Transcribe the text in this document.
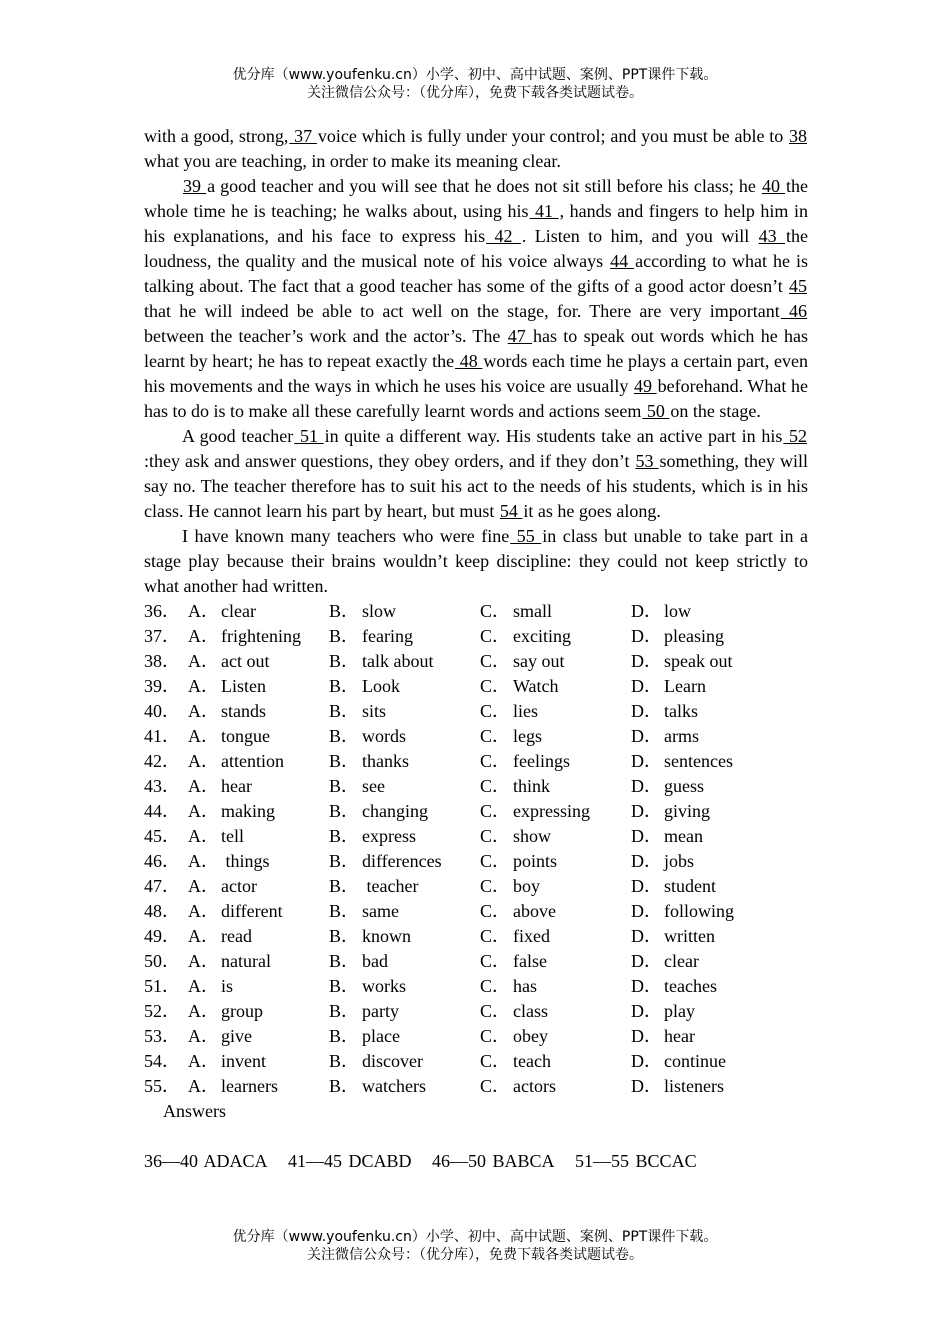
优分库（www.youfenku.cn）小学、初中、高中试题、案例、PPT课件下载。
关注微信公众号：（优分库），免费下载各类试题试卷。

with a good, strong, 37 voice which is fully under your control; and you must be able to 38 what you are teaching, in order to make its meaning clear.

39 a good teacher and you will see that he does not sit still before his class; he 40 the whole time he is teaching; he walks about, using his 41 , hands and fingers to help him in his explanations, and his face to express his 42 . Listen to him, and you will 43 the loudness, the quality and the musical note of his voice always 44 according to what he is talking about. The fact that a good teacher has some of the gifts of a good actor doesn’t 45 that he will indeed be able to act well on the stage, for. There are very important 46 between the teacher’s work and the actor’s. The 47 has to speak out words which he has learnt by heart; he has to repeat exactly the 48 words each time he plays a certain part, even his movements and the ways in which he uses his voice are usually 49 beforehand. What he has to do is to make all these carefully learnt words and actions seem 50 on the stage.

A good teacher 51 in quite a different way. His students take an active part in his 52 :they ask and answer questions, they obey orders, and if they don’t 53 something, they will say no. The teacher therefore has to suit his act to the needs of his students, which is in his class. He cannot learn his part by heart, but must 54 it as he goes along.

I have known many teachers who were fine 55 in class but unable to take part in a stage play because their brains wouldn’t keep discipline: they could not keep strictly to what another had written.

36．	A． clear	B． slow	C． small	D． low
37．	A． frightening	B． fearing	C． exciting	D． pleasing
38．	A． act out	B． talk about	C． say out	D． speak out
39．	A． Listen	B． Look	C． Watch	D． Learn
40．	A． stands	B． sits	C． lies	D． talks
41．	A． tongue	B． words	C． legs	D． arms
42．	A． attention	B． thanks	C． feelings	D． sentences
43．	A． hear	B． see	C． think	D． guess
44．	A． making	B． changing	C． expressing	D． giving
45．	A． tell	B． express	C． show	D． mean
46．	A． things	B． differences	C． points	D． jobs
47．	A． actor	B． teacher	C． boy	D． student
48．	A． different	B． same	C． above	D． following
49．	A． read	B． known	C． fixed	D． written
50．	A． natural	B． bad	C． false	D． clear
51．	A． is	B． works	C． has	D． teaches
52．	A． group	B． party	C． class	D． play
53．	A． give	B． place	C． obey	D． hear
54．	A． invent	B． discover	C． teach	D． continue
55．	A． learners	B． watchers	C． actors	D． listeners

Answers

36—40 ADACA 41—45 DCABD 46—50 BABCA 51—55 BCCAC
优分库（www.youfenku.cn）小学、初中、高中试题、案例、PPT课件下载。
关注微信公众号：（优分库），免费下载各类试题试卷。
